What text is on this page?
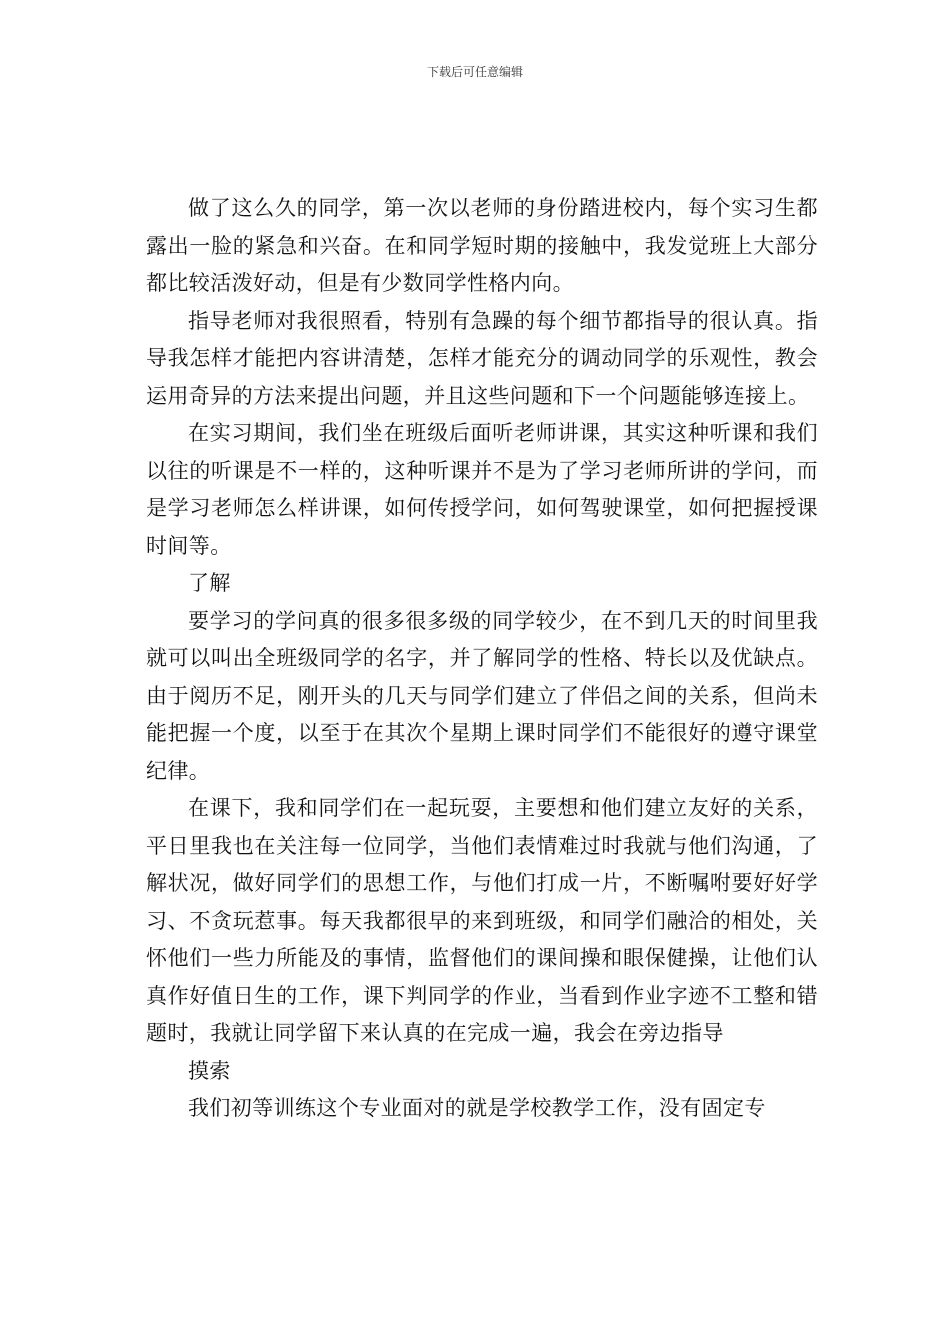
下载后可任意编辑

做了这么久的同学，第一次以老师的身份踏进校内，每个实习生都露出一脸的紧急和兴奋。在和同学短时期的接触中，我发觉班上大部分都比较活泼好动，但是有少数同学性格内向。

指导老师对我很照看，特别有急躁的每个细节都指导的很认真。指导我怎样才能把内容讲清楚，怎样才能充分的调动同学的乐观性，教会运用奇异的方法来提出问题，并且这些问题和下一个问题能够连接上。

在实习期间，我们坐在班级后面听老师讲课，其实这种听课和我们以往的听课是不一样的，这种听课并不是为了学习老师所讲的学问，而是学习老师怎么样讲课，如何传授学问，如何驾驶课堂，如何把握授课时间等。

了解

要学习的学问真的很多很多级的同学较少，在不到几天的时间里我就可以叫出全班级同学的名字，并了解同学的性格、特长以及优缺点。由于阅历不足，刚开头的几天与同学们建立了伴侣之间的关系，但尚未能把握一个度，以至于在其次个星期上课时同学们不能很好的遵守课堂纪律。

在课下，我和同学们在一起玩耍，主要想和他们建立友好的关系，平日里我也在关注每一位同学，当他们表情难过时我就与他们沟通，了解状况，做好同学们的思想工作，与他们打成一片，不断嘱咐要好好学习、不贪玩惹事。每天我都很早的来到班级，和同学们融洽的相处，关怀他们一些力所能及的事情，监督他们的课间操和眼保健操，让他们认真作好值日生的工作，课下判同学的作业，当看到作业字迹不工整和错题时，我就让同学留下来认真的在完成一遍，我会在旁边指导

摸索

我们初等训练这个专业面对的就是学校教学工作，没有固定专
